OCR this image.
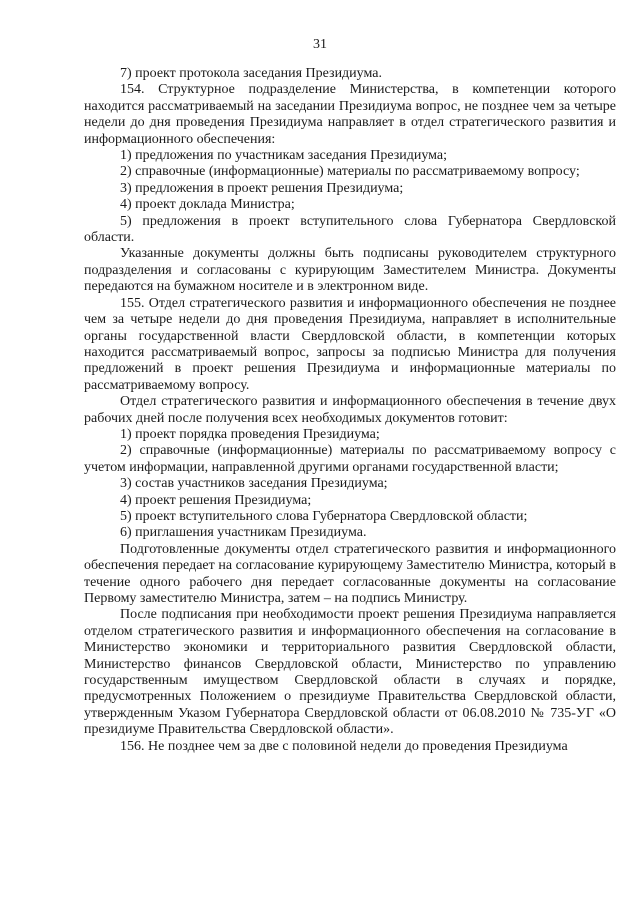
31

7) проект протокола заседания Президиума.

154. Структурное подразделение Министерства, в компетенции которого находится рассматриваемый на заседании Президиума вопрос, не позднее чем за четыре недели до дня проведения Президиума направляет в отдел стратегического развития и информационного обеспечения:

1) предложения по участникам заседания Президиума;

2) справочные (информационные) материалы по рассматриваемому вопросу;

3) предложения в проект решения Президиума;

4) проект доклада Министра;

5) предложения в проект вступительного слова Губернатора Свердловской области.

Указанные документы должны быть подписаны руководителем структурного подразделения и согласованы с курирующим Заместителем Министра. Документы передаются на бумажном носителе и в электронном виде.

155. Отдел стратегического развития и информационного обеспечения не позднее чем за четыре недели до дня проведения Президиума, направляет в исполнительные органы государственной власти Свердловской области, в компетенции которых находится рассматриваемый вопрос, запросы за подписью Министра для получения предложений в проект решения Президиума и информационные материалы по рассматриваемому вопросу.

Отдел стратегического развития и информационного обеспечения в течение двух рабочих дней после получения всех необходимых документов готовит:

1) проект порядка проведения Президиума;

2) справочные (информационные) материалы по рассматриваемому вопросу с учетом информации, направленной другими органами государственной власти;

3) состав участников заседания Президиума;

4) проект решения Президиума;

5) проект вступительного слова Губернатора Свердловской области;

6) приглашения участникам Президиума.

Подготовленные документы отдел стратегического развития и информационного обеспечения передает на согласование курирующему Заместителю Министра, который в течение одного рабочего дня передает согласованные документы на согласование Первому заместителю Министра, затем – на подпись Министру.

После подписания при необходимости проект решения Президиума направляется отделом стратегического развития и информационного обеспечения на согласование в Министерство экономики и территориального развития Свердловской области, Министерство финансов Свердловской области, Министерство по управлению государственным имуществом Свердловской области в случаях и порядке, предусмотренных Положением о президиуме Правительства Свердловской области, утвержденным Указом Губернатора Свердловской области от 06.08.2010 № 735-УГ «О президиуме Правительства Свердловской области».

156. Не позднее чем за две с половиной недели до проведения Президиума
